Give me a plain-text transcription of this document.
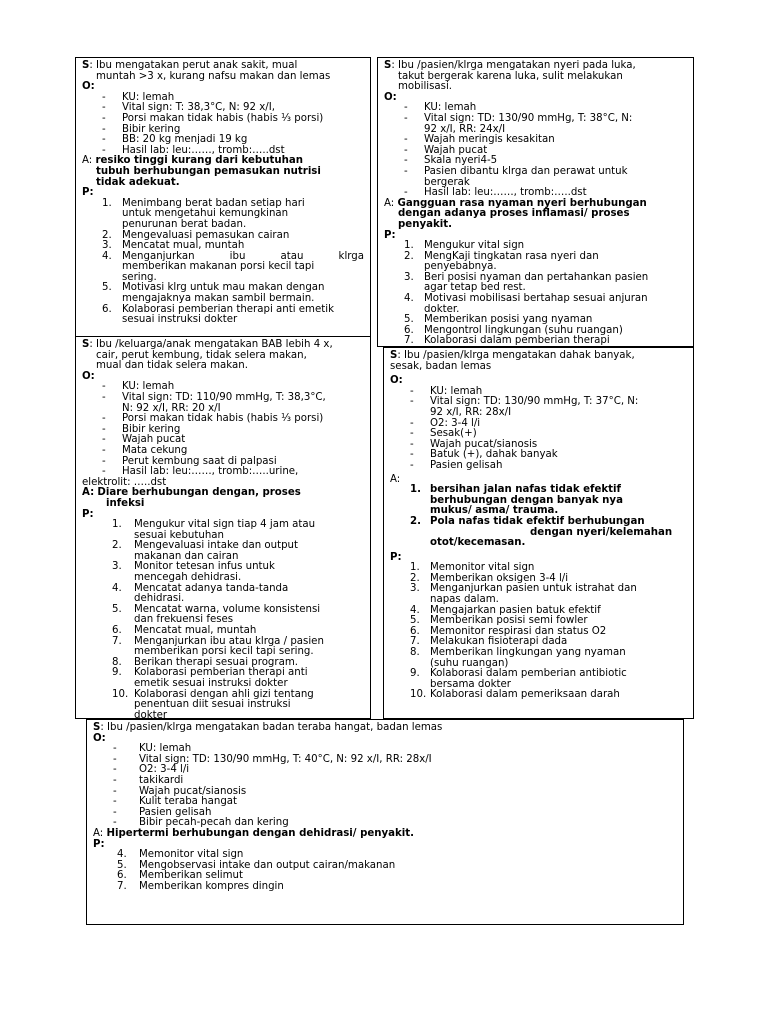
S: Ibu mengatakan perut anak sakit, mual
muntah >3 x, kurang nafsu makan dan lemas
O:
- KU: lemah
- Vital sign: T: 38,3°C, N: 92 x/I,
- Porsi makan tidak habis (habis ⅓ porsi)
- Bibir kering
- BB: 20 kg menjadi 19 kg
- Hasil lab: leu:……, tromb:…..dst
A: resiko tinggi kurang dari kebutuhan
tubuh berhubungan pemasukan nutrisi
tidak adekuat.
P:
1.	Menimbang berat badan setiap hari
untuk mengetahui kemungkinan
penurunan berat badan.
2.	Mengevaluasi pemasukan cairan
3.	Mencatat mual, muntah
4.	Menganjurkan ibu atau klrga
memberikan makanan porsi kecil tapi
sering.
5.	Motivasi klrg untuk mau makan dengan
mengajaknya makan sambil bermain.
6.	Kolaborasi pemberian therapi anti emetik
sesuai instruksi dokter
S: Ibu /pasien/klrga mengatakan nyeri pada luka,
takut bergerak karena luka, sulit melakukan
mobilisasi.
O:
- KU: lemah
- Vital sign: TD: 130/90 mmHg, T: 38°C, N:
92 x/I, RR: 24x/I
- Wajah meringis kesakitan
- Wajah pucat
- Skala nyeri4-5
- Pasien dibantu klrga dan perawat untuk
bergerak
- Hasil lab: leu:……, tromb:…..dst
A: Gangguan rasa nyaman nyeri berhubungan
dengan adanya proses inflamasi/ proses
penyakit.
P:
1.	Mengukur vital sign
2.	MengKaji tingkatan rasa nyeri dan
penyebabnya.
3.	Beri posisi nyaman dan pertahankan pasien
agar tetap bed rest.
4.	Motivasi mobilisasi bertahap sesuai anjuran
dokter.
5.	Memberikan posisi yang nyaman
6.	Mengontrol lingkungan (suhu ruangan)
7.	Kolaborasi dalam pemberian therapi
S: Ibu /keluarga/anak mengatakan BAB lebih 4 x,
cair, perut kembung, tidak selera makan,
mual dan tidak selera makan.
O:
- KU: lemah
- Vital sign: TD: 110/90 mmHg, T: 38,3°C,
N: 92 x/I, RR: 20 x/I
- Porsi makan tidak habis (habis ⅓ porsi)
- Bibir kering
- Wajah pucat
- Mata cekung
- Perut kembung saat di palpasi
- Hasil lab: leu:……, tromb:…..urine,
elektrolit: …..dst
A: Diare berhubungan dengan, proses
infeksi
P:
1.	Mengukur vital sign tiap 4 jam atau
sesuai kebutuhan
2.	Mengevaluasi intake dan output
makanan dan cairan
3.	Monitor tetesan infus untuk
mencegah dehidrasi.
4.	Mencatat adanya tanda-tanda
dehidrasi.
5.	Mencatat warna, volume konsistensi
dan frekuensi feses
6.	Mencatat mual, muntah
7.	Menganjurkan ibu atau klrga / pasien
memberikan porsi kecil tapi sering.
8.	Berikan therapi sesuai program.
9.	Kolaborasi pemberian therapi anti
emetik sesuai instruksi dokter
10. Kolaborasi dengan ahli gizi tentang
penentuan diit sesuai instruksi
dokter
S: Ibu /pasien/klrga mengatakan dahak banyak,
sesak, badan lemas
O:
- KU: lemah
- Vital sign: TD: 130/90 mmHg, T: 37°C, N:
92 x/I, RR: 28x/I
- O2: 3-4 l/i
- Sesak(+)
- Wajah pucat/sianosis
- Batuk (+), dahak banyak
- Pasien gelisah
A:
1. bersihan jalan nafas tidak efektif
berhubungan dengan banyak nya
mukus/ asma/ trauma.
2. Pola nafas tidak efektif berhubungan
dengan nyeri/kelemahan
otot/kecemasan.
P:
1.	Memonitor vital sign
2.	Memberikan oksigen 3-4 l/i
3.	Menganjurkan pasien untuk istrahat dan
napas dalam.
4.	Mengajarkan pasien batuk efektif
5.	Memberikan posisi semi fowler
6.	Memonitor respirasi dan status O2
7.	Melakukan fisioterapi dada
8.	Memberikan lingkungan yang nyaman
(suhu ruangan)
9.	Kolaborasi dalam pemberian antibiotic
bersama dokter
10. Kolaborasi dalam pemeriksaan darah
S: Ibu /pasien/klrga mengatakan badan teraba hangat, badan lemas
O:
- KU: lemah
- Vital sign: TD: 130/90 mmHg, T: 40°C, N: 92 x/I, RR: 28x/I
- O2: 3-4 l/i
- takikardi
- Wajah pucat/sianosis
- Kulit teraba hangat
- Pasien gelisah
- Bibir pecah-pecah dan kering
A: Hipertermi berhubungan dengan dehidrasi/ penyakit.
P:
4.	Memonitor vital sign
5.	Mengobservasi intake dan output cairan/makanan
6.	Memberikan selimut
7.	Memberikan kompres dingin
